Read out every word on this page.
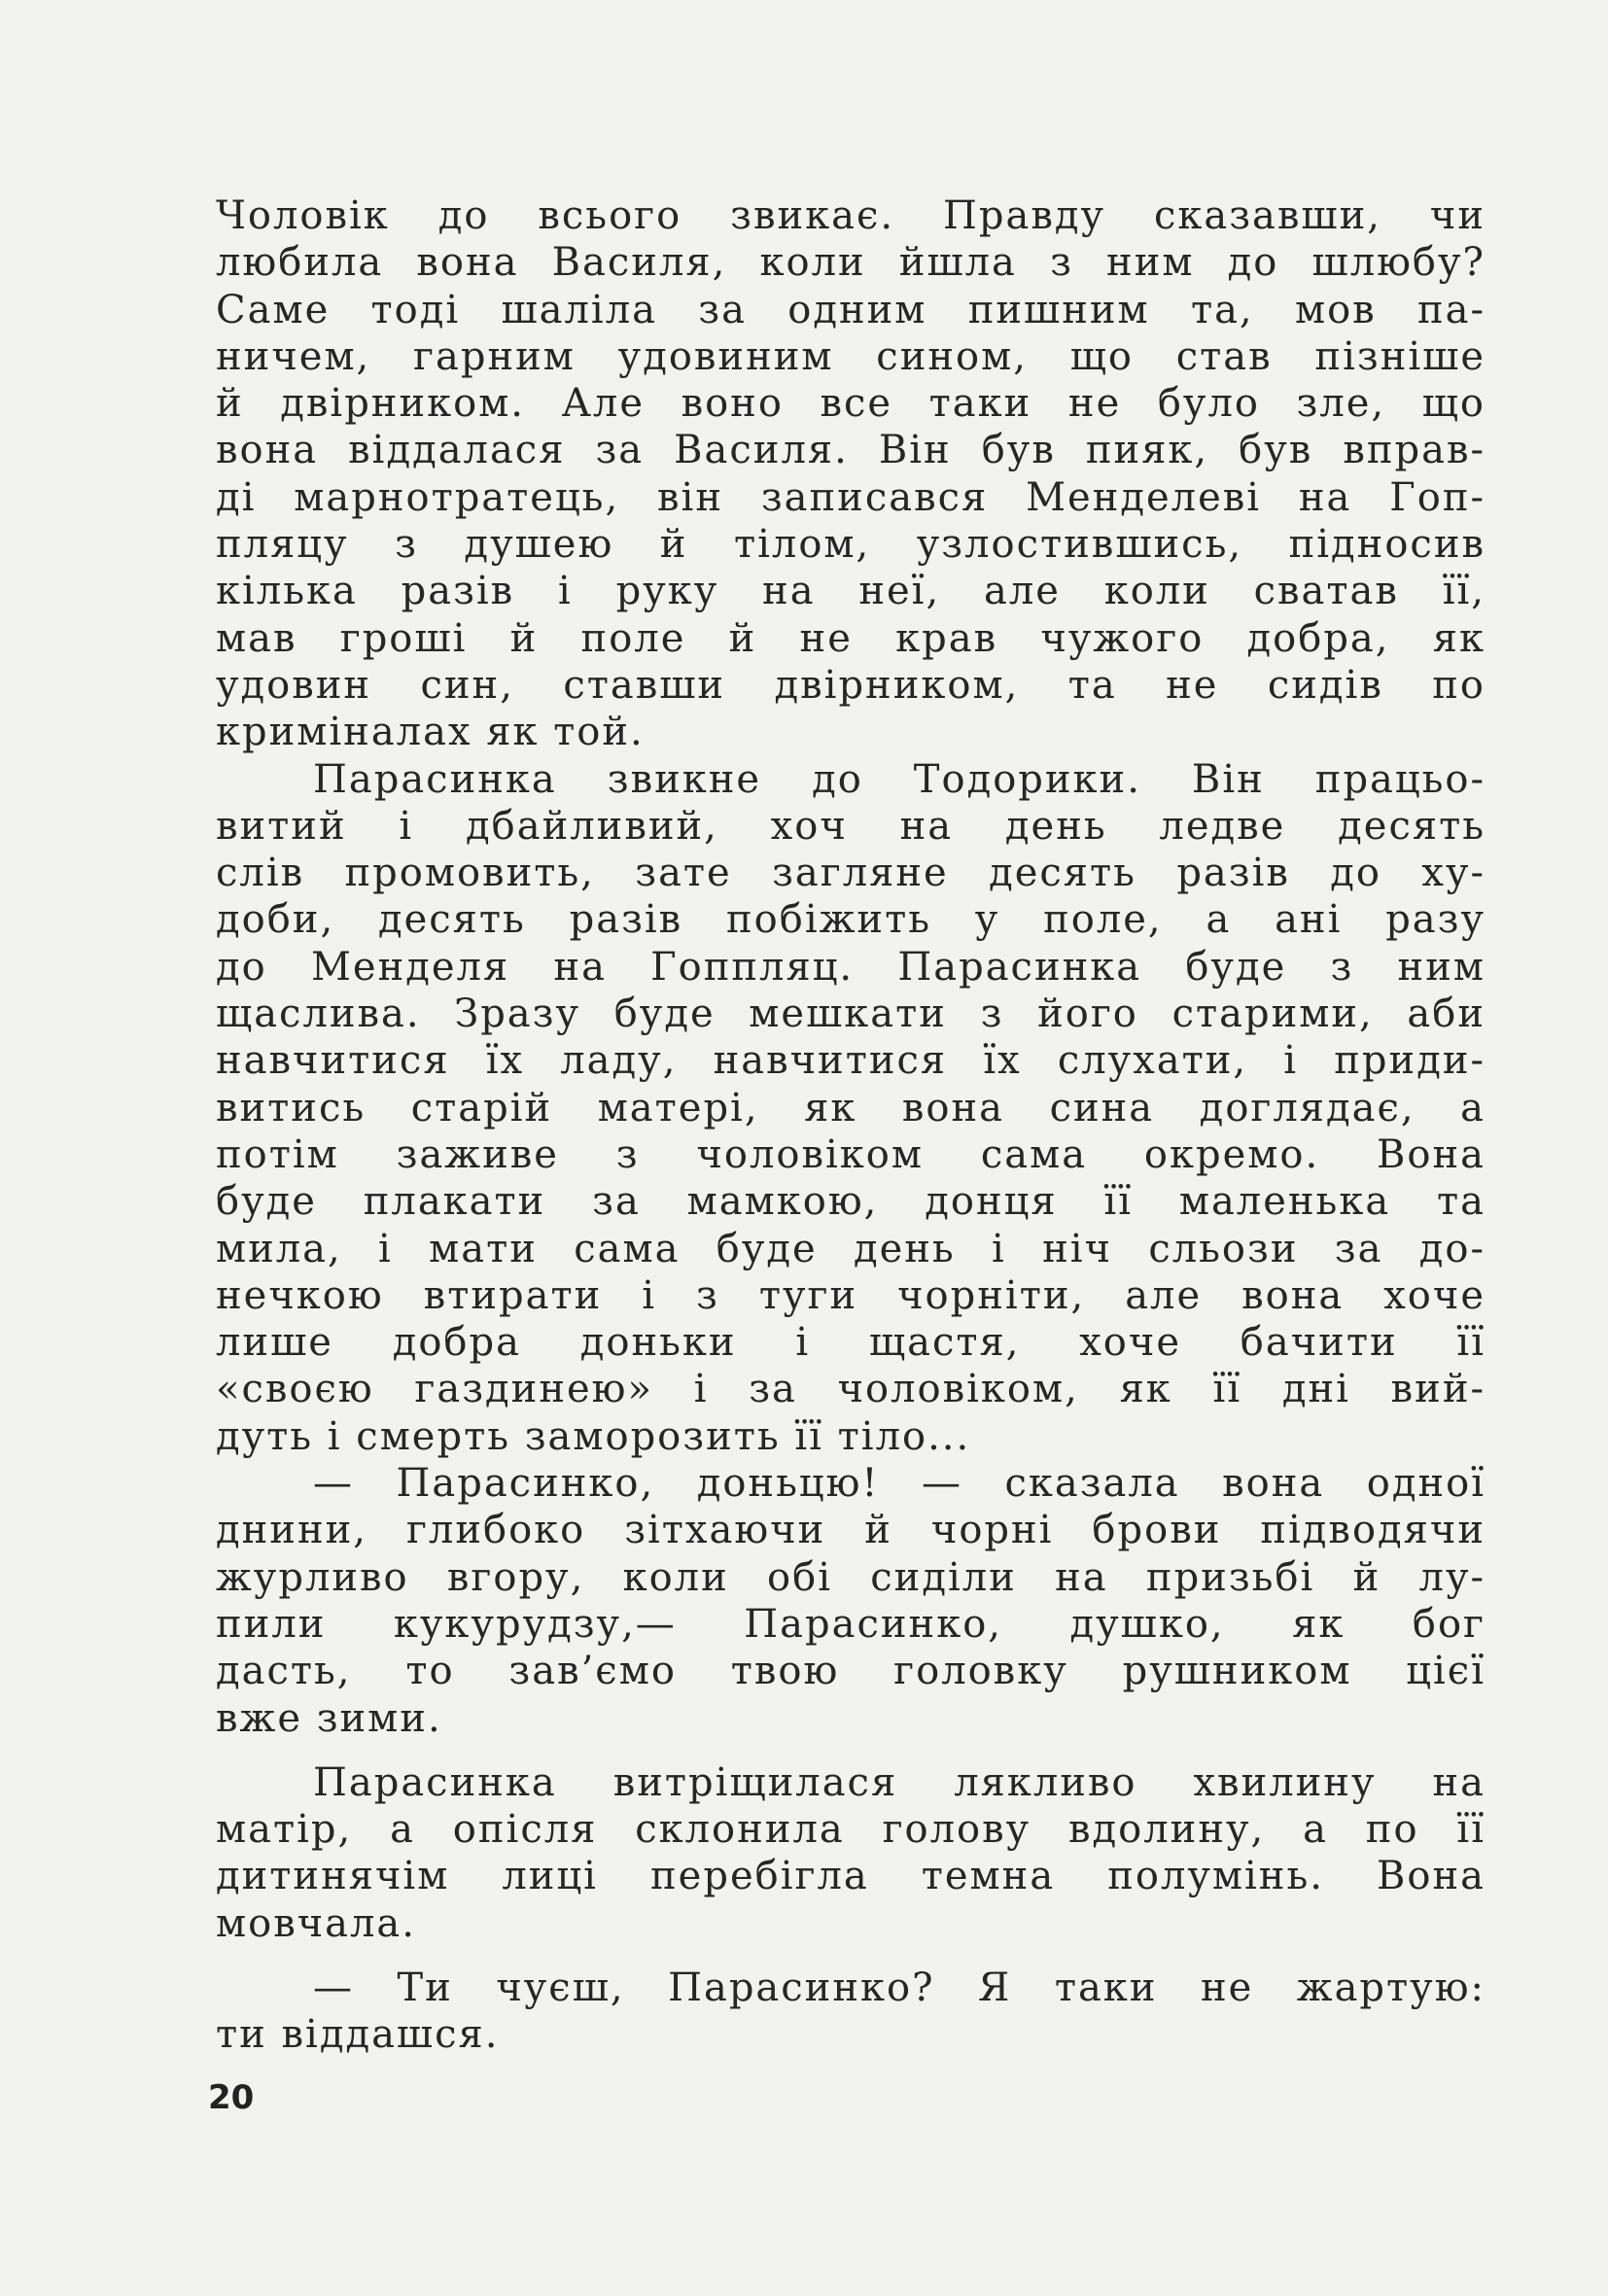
Чоловік до всього звикає. Правду сказавши, чи
любила вона Василя, коли йшла з ним до шлюбу?
Саме тоді шаліла за одним пишним та, мов па-
ничем, гарним удовиним сином, що став пізніше
й двірником. Але воно все таки не було зле, що
вона віддалася за Василя. Він був пияк, був вправ-
ді марнотратець, він записався Менделеві на Гоп-
пляцу з душею й тілом, узлостившись, підносив
кілька разів і руку на неї, але коли сватав її,
мав гроші й поле й не крав чужого добра, як
удовин син, ставши двірником, та не сидів по
криміналах як той.
Парасинка звикне до Тодорики. Він працьо-
витий і дбайливий, хоч на день ледве десять
слів промовить, зате загляне десять разів до ху-
доби, десять разів побіжить у поле, а ані разу
до Менделя на Гоппляц. Парасинка буде з ним
щаслива. Зразу буде мешкати з його старими, аби
навчитися їх ладу, навчитися їх слухати, і приди-
витись старій матері, як вона сина доглядає, а
потім заживе з чоловіком сама окремо. Вона
буде плакати за мамкою, донця її маленька та
мила, і мати сама буде день і ніч сльози за до-
нечкою втирати і з туги чорніти, але вона хоче
лише добра доньки і щастя, хоче бачити її
«своєю газдинею» і за чоловіком, як її дні вий-
дуть і смерть заморозить її тіло...
— Парасинко, доньцю! — сказала вона одної
днини, глибоко зітхаючи й чорні брови підводячи
журливо вгору, коли обі сиділи на призьбі й лу-
пили кукурудзу,— Парасинко, душко, як бог
дасть, то зав’ємо твою головку рушником цієї
вже зими.
Парасинка витріщилася лякливо хвилину на
матір, а опісля склонила голову вдолину, а по її
дитинячім лиці перебігла темна полумінь. Вона
мовчала.
— Ти чуєш, Парасинко? Я таки не жартую:
ти віддашся.
20
